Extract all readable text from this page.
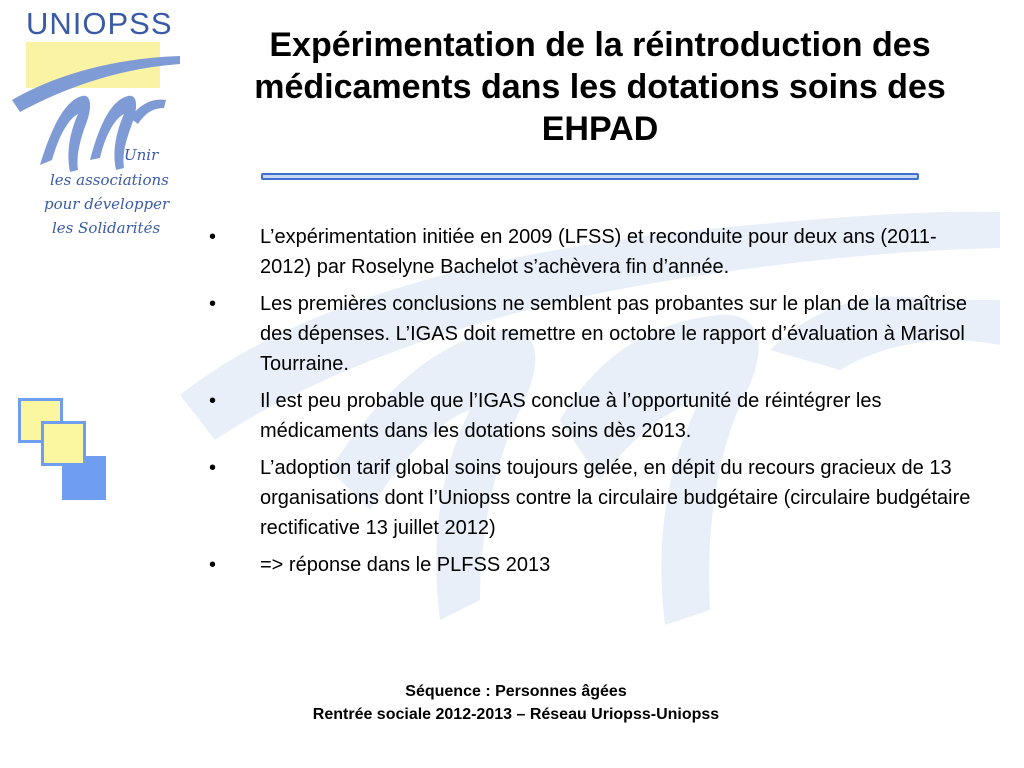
UNIOPSS

Unir

les associations

pour développer

les Solidarités

Expérimentation de la réintroduction des médicaments dans les dotations soins des EHPAD
• L’expérimentation initiée en 2009 (LFSS) et reconduite pour deux ans (2011-2012) par Roselyne Bachelot s’achèvera fin d’année.
• Les premières conclusions ne semblent pas probantes sur le plan de la maîtrise des dépenses. L’IGAS doit remettre en octobre le rapport d’évaluation à Marisol Tourraine.
• Il est peu probable que l’IGAS conclue à l’opportunité de réintégrer les médicaments dans les dotations soins dès 2013.
• L’adoption tarif global soins toujours gelée, en dépit du recours gracieux de 13 organisations dont l’Uniopss contre la circulaire budgétaire (circulaire budgétaire rectificative 13 juillet 2012)
• => réponse dans le PLFSS 2013

Séquence : Personnes âgées

Rentrée sociale 2012-2013 – Réseau Uriopss-Uniopss
